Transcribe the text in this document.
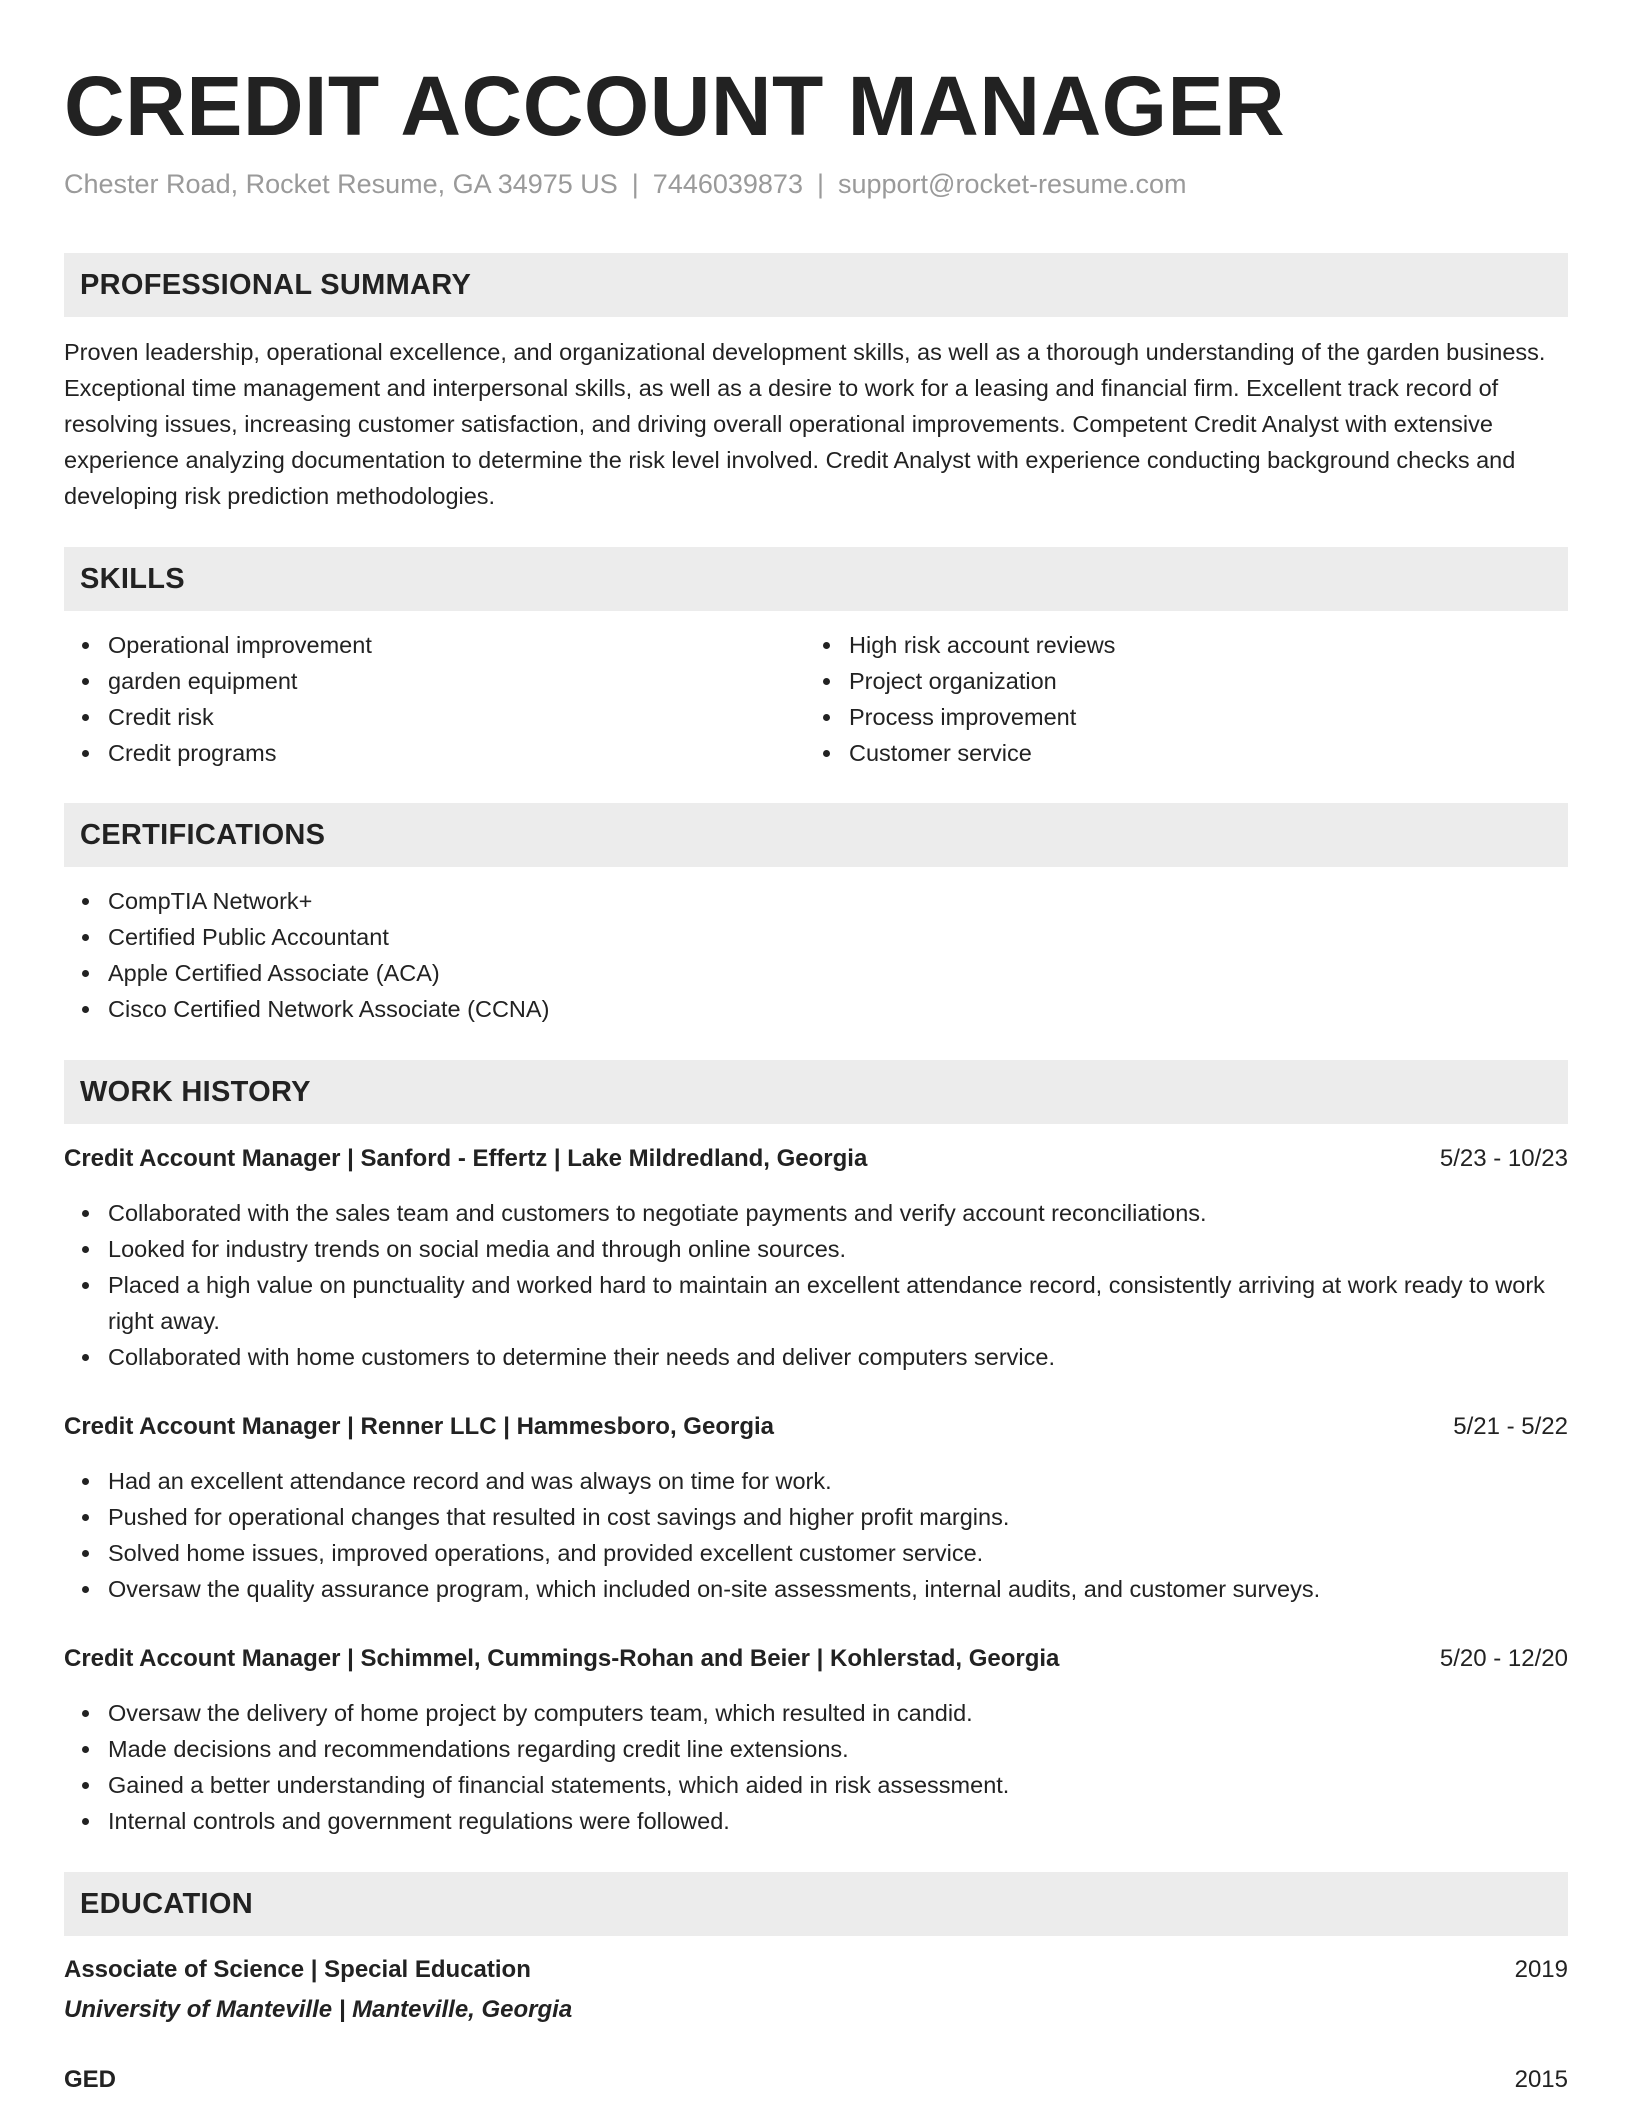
CREDIT ACCOUNT MANAGER
Chester Road, Rocket Resume, GA 34975 US | 7446039873 | support@rocket-resume.com
PROFESSIONAL SUMMARY
Proven leadership, operational excellence, and organizational development skills, as well as a thorough understanding of the garden business. Exceptional time management and interpersonal skills, as well as a desire to work for a leasing and financial firm. Excellent track record of resolving issues, increasing customer satisfaction, and driving overall operational improvements. Competent Credit Analyst with extensive experience analyzing documentation to determine the risk level involved. Credit Analyst with experience conducting background checks and developing risk prediction methodologies.
SKILLS
Operational improvement
garden equipment
Credit risk
Credit programs
High risk account reviews
Project organization
Process improvement
Customer service
CERTIFICATIONS
CompTIA Network+
Certified Public Accountant
Apple Certified Associate (ACA)
Cisco Certified Network Associate (CCNA)
WORK HISTORY
Credit Account Manager | Sanford - Effertz | Lake Mildredland, Georgia	5/23 - 10/23
Collaborated with the sales team and customers to negotiate payments and verify account reconciliations.
Looked for industry trends on social media and through online sources.
Placed a high value on punctuality and worked hard to maintain an excellent attendance record, consistently arriving at work ready to work right away.
Collaborated with home customers to determine their needs and deliver computers service.
Credit Account Manager | Renner LLC | Hammesboro, Georgia	5/21 - 5/22
Had an excellent attendance record and was always on time for work.
Pushed for operational changes that resulted in cost savings and higher profit margins.
Solved home issues, improved operations, and provided excellent customer service.
Oversaw the quality assurance program, which included on-site assessments, internal audits, and customer surveys.
Credit Account Manager | Schimmel, Cummings-Rohan and Beier | Kohlerstad, Georgia	5/20 - 12/20
Oversaw the delivery of home project by computers team, which resulted in candid.
Made decisions and recommendations regarding credit line extensions.
Gained a better understanding of financial statements, which aided in risk assessment.
Internal controls and government regulations were followed.
EDUCATION
Associate of Science | Special Education	2019
University of Manteville | Manteville, Georgia
GED	2015
